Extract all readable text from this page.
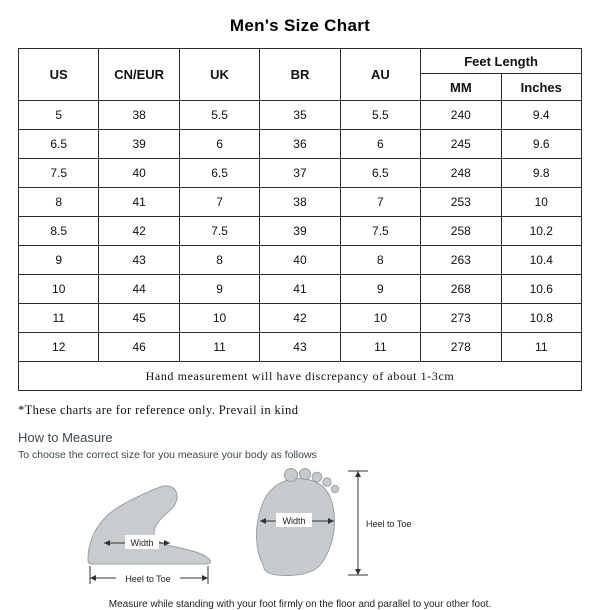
Men's Size Chart
US	CN/EUR	UK	BR	AU	Feet Length	
					MM	Inches
5	38	5.5	35	5.5	240	9.4
6.5	39	6	36	6	245	9.6
7.5	40	6.5	37	6.5	248	9.8
8	41	7	38	7	253	10
8.5	42	7.5	39	7.5	258	10.2
9	43	8	40	8	263	10.4
10	44	9	41	9	268	10.6
11	45	10	42	10	273	10.8
12	46	11	43	11	278	11
Hand measurement will have discrepancy of about 1-3cm						
*These charts are for reference only. Prevail in kind
How to Measure
To choose the correct size for you measure your body as follows
Width
Heel to Toe
Width	Heel to Toe
Measure while standing with your foot firmly on the floor and parallel to your other foot.
